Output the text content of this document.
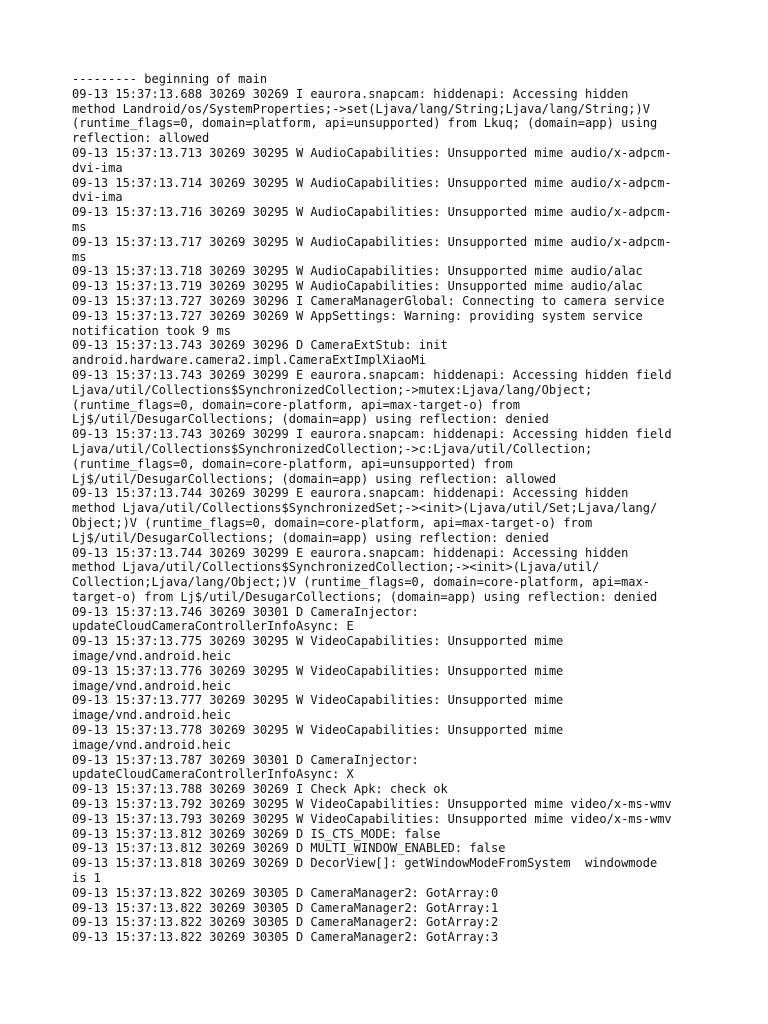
--------- beginning of main
09-13 15:37:13.688 30269 30269 I eaurora.snapcam: hiddenapi: Accessing hidden
method Landroid/os/SystemProperties;->set(Ljava/lang/String;Ljava/lang/String;)V
(runtime_flags=0, domain=platform, api=unsupported) from Lkuq; (domain=app) using
reflection: allowed
09-13 15:37:13.713 30269 30295 W AudioCapabilities: Unsupported mime audio/x-adpcm-
dvi-ima
09-13 15:37:13.714 30269 30295 W AudioCapabilities: Unsupported mime audio/x-adpcm-
dvi-ima
09-13 15:37:13.716 30269 30295 W AudioCapabilities: Unsupported mime audio/x-adpcm-
ms
09-13 15:37:13.717 30269 30295 W AudioCapabilities: Unsupported mime audio/x-adpcm-
ms
09-13 15:37:13.718 30269 30295 W AudioCapabilities: Unsupported mime audio/alac
09-13 15:37:13.719 30269 30295 W AudioCapabilities: Unsupported mime audio/alac
09-13 15:37:13.727 30269 30296 I CameraManagerGlobal: Connecting to camera service
09-13 15:37:13.727 30269 30269 W AppSettings: Warning: providing system service
notification took 9 ms
09-13 15:37:13.743 30269 30296 D CameraExtStub: init
android.hardware.camera2.impl.CameraExtImplXiaoMi
09-13 15:37:13.743 30269 30299 E eaurora.snapcam: hiddenapi: Accessing hidden field
Ljava/util/Collections$SynchronizedCollection;->mutex:Ljava/lang/Object;
(runtime_flags=0, domain=core-platform, api=max-target-o) from
Lj$/util/DesugarCollections; (domain=app) using reflection: denied
09-13 15:37:13.743 30269 30299 I eaurora.snapcam: hiddenapi: Accessing hidden field
Ljava/util/Collections$SynchronizedCollection;->c:Ljava/util/Collection;
(runtime_flags=0, domain=core-platform, api=unsupported) from
Lj$/util/DesugarCollections; (domain=app) using reflection: allowed
09-13 15:37:13.744 30269 30299 E eaurora.snapcam: hiddenapi: Accessing hidden
method Ljava/util/Collections$SynchronizedSet;-><init>(Ljava/util/Set;Ljava/lang/
Object;)V (runtime_flags=0, domain=core-platform, api=max-target-o) from
Lj$/util/DesugarCollections; (domain=app) using reflection: denied
09-13 15:37:13.744 30269 30299 E eaurora.snapcam: hiddenapi: Accessing hidden
method Ljava/util/Collections$SynchronizedCollection;-><init>(Ljava/util/
Collection;Ljava/lang/Object;)V (runtime_flags=0, domain=core-platform, api=max-
target-o) from Lj$/util/DesugarCollections; (domain=app) using reflection: denied
09-13 15:37:13.746 30269 30301 D CameraInjector:
updateCloudCameraControllerInfoAsync: E
09-13 15:37:13.775 30269 30295 W VideoCapabilities: Unsupported mime
image/vnd.android.heic
09-13 15:37:13.776 30269 30295 W VideoCapabilities: Unsupported mime
image/vnd.android.heic
09-13 15:37:13.777 30269 30295 W VideoCapabilities: Unsupported mime
image/vnd.android.heic
09-13 15:37:13.778 30269 30295 W VideoCapabilities: Unsupported mime
image/vnd.android.heic
09-13 15:37:13.787 30269 30301 D CameraInjector:
updateCloudCameraControllerInfoAsync: X
09-13 15:37:13.788 30269 30269 I Check Apk: check ok
09-13 15:37:13.792 30269 30295 W VideoCapabilities: Unsupported mime video/x-ms-wmv
09-13 15:37:13.793 30269 30295 W VideoCapabilities: Unsupported mime video/x-ms-wmv
09-13 15:37:13.812 30269 30269 D IS_CTS_MODE: false
09-13 15:37:13.812 30269 30269 D MULTI_WINDOW_ENABLED: false
09-13 15:37:13.818 30269 30269 D DecorView[]: getWindowModeFromSystem  windowmode
is 1
09-13 15:37:13.822 30269 30305 D CameraManager2: GotArray:0
09-13 15:37:13.822 30269 30305 D CameraManager2: GotArray:1
09-13 15:37:13.822 30269 30305 D CameraManager2: GotArray:2
09-13 15:37:13.822 30269 30305 D CameraManager2: GotArray:3
